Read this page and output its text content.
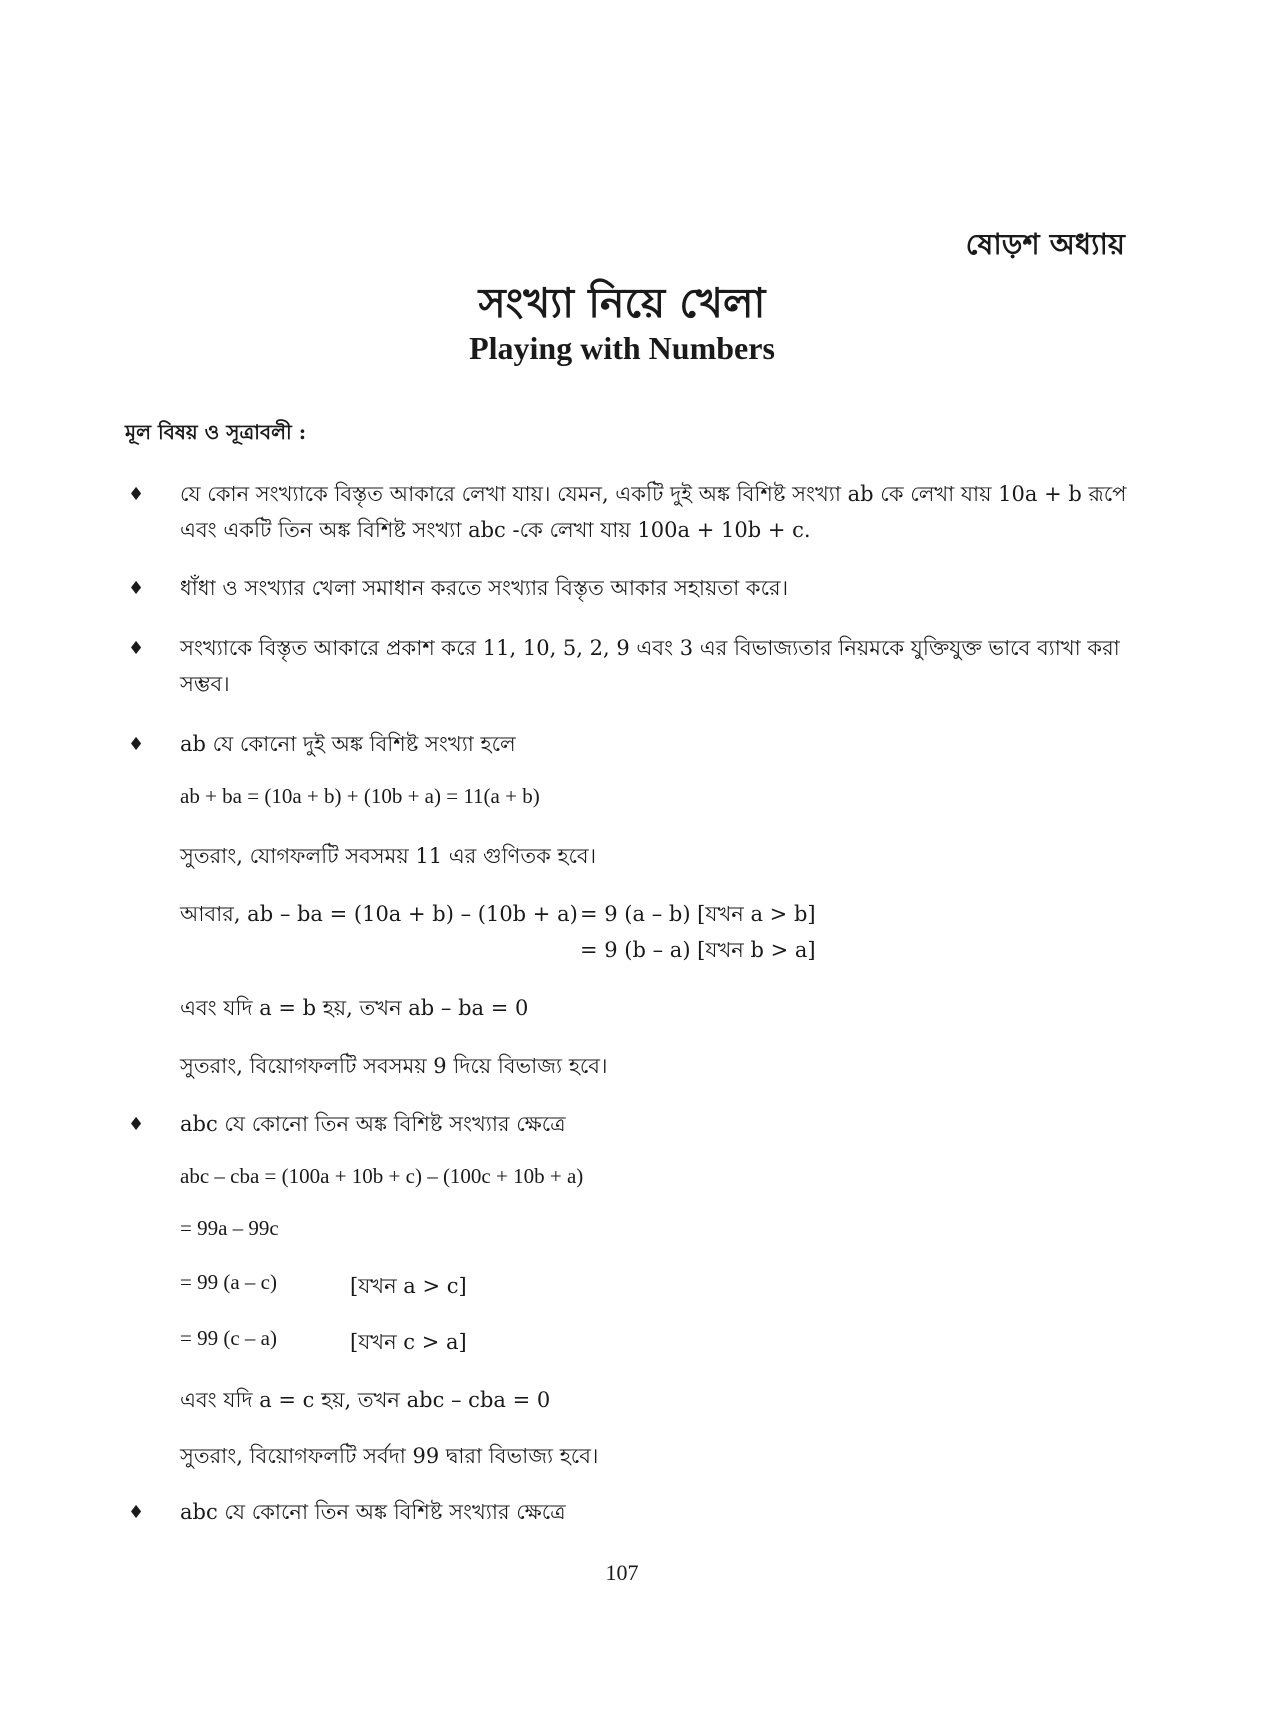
ষোড়শ অধ্যায়
সংখ্যা নিয়ে খেলা
Playing with Numbers
মূল বিষয় ও সূত্রাবলী :
♦ যে কোন সংখ্যাকে বিস্তৃত আকারে লেখা যায়। যেমন, একটি দুই অঙ্ক বিশিষ্ট সংখ্যা ab কে লেখা যায় 10a + b রূপে
এবং একটি তিন অঙ্ক বিশিষ্ট সংখ্যা abc -কে লেখা যায় 100a + 10b + c.
♦ ধাঁধা ও সংখ্যার খেলা সমাধান করতে সংখ্যার বিস্তৃত আকার সহায়তা করে।
♦ সংখ্যাকে বিস্তৃত আকারে প্রকাশ করে 11, 10, 5, 2, 9 এবং 3 এর বিভাজ্যতার নিয়মকে যুক্তিযুক্ত ভাবে ব্যাখা করা
সম্ভব।
♦ ab যে কোনো দুই অঙ্ক বিশিষ্ট সংখ্যা হলে
ab + ba = (10a + b) + (10b + a) = 11(a + b)
সুতরাং, যোগফলটি সবসময় 11 এর গুণিতক হবে।
আবার, ab – ba = (10a + b) – (10b + a) = 9 (a – b) [যখন a > b]
= 9 (b – a) [যখন b > a]
এবং যদি a = b হয়, তখন ab – ba = 0
সুতরাং, বিয়োগফলটি সবসময় 9 দিয়ে বিভাজ্য হবে।
♦ abc যে কোনো তিন অঙ্ক বিশিষ্ট সংখ্যার ক্ষেত্রে
abc – cba = (100a + 10b + c) – (100c + 10b + a)
= 99a – 99c
= 99 (a – c)	[যখন a > c]
= 99 (c – a)	[যখন c > a]
এবং যদি a = c হয়, তখন abc – cba = 0
সুতরাং, বিয়োগফলটি সর্বদা 99 দ্বারা বিভাজ্য হবে।
♦ abc যে কোনো তিন অঙ্ক বিশিষ্ট সংখ্যার ক্ষেত্রে
107
